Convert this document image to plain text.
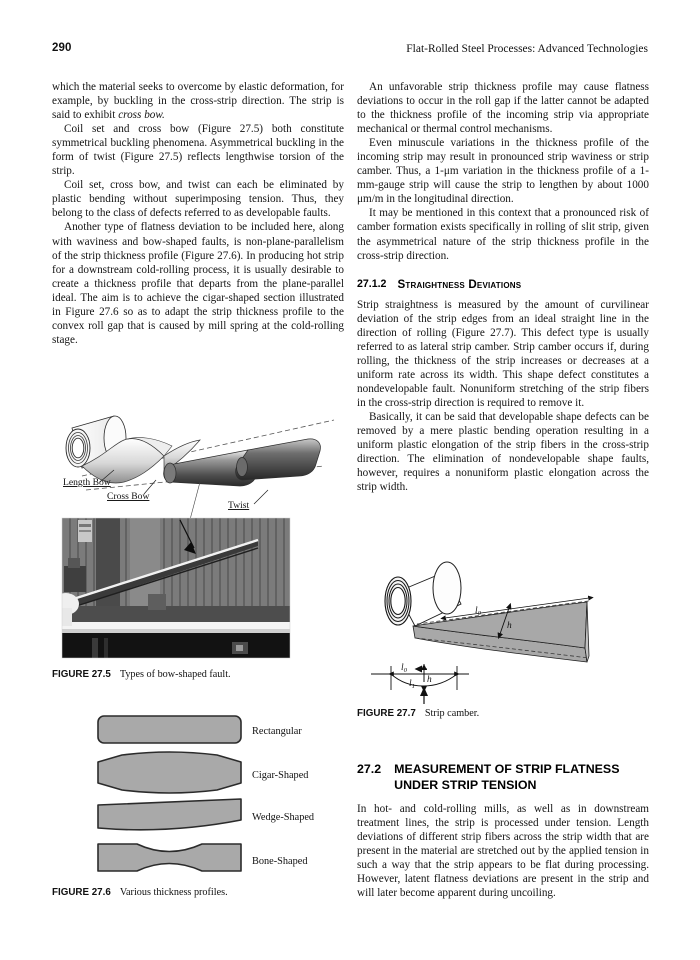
290	Flat-Rolled Steel Processes: Advanced Technologies

which the material seeks to overcome by elastic deformation, for example, by buckling in the cross-strip direction. The strip is said to exhibit cross bow.

Coil set and cross bow (Figure 27.5) both constitute symmetrical buckling phenomena. Asymmetrical buckling in the form of twist (Figure 27.5) reflects lengthwise torsion of the strip.

Coil set, cross bow, and twist can each be eliminated by plastic bending without superimposing tension. Thus, they belong to the class of defects referred to as developable faults.

Another type of flatness deviation to be included here, along with waviness and bow-shaped faults, is non-plane-parallelism of the strip thickness profile (Figure 27.6). In producing hot strip for a downstream cold-rolling process, it is usually desirable to create a thickness profile that departs from the plane-parallel ideal. The aim is to achieve the cigar-shaped section illustrated in Figure 27.6 so as to adapt the strip thickness profile to the convex roll gap that is caused by mill spring at the cold-rolling stage.

An unfavorable strip thickness profile may cause flatness deviations to occur in the roll gap if the latter cannot be adapted to the thickness profile of the incoming strip via appropriate mechanical or thermal control mechanisms.

Even minuscule variations in the thickness profile of the incoming strip may result in pronounced strip waviness or strip camber. Thus, a 1-μm variation in the thickness profile of a 1-mm-gauge strip will cause the strip to lengthen by about 1000 μm/m in the longitudinal direction.

It may be mentioned in this context that a pronounced risk of camber formation exists specifically in rolling of slit strip, given the asymmetrical nature of the strip thickness profile in the cross-strip direction.

27.1.2 Straightness Deviations

Strip straightness is measured by the amount of curvilinear deviation of the strip edges from an ideal straight line in the direction of rolling (Figure 27.7). This defect type is usually referred to as lateral strip camber. Strip camber occurs if, during rolling, the thickness of the strip increases or decreases at a uniform rate across its width. This shape defect constitutes a nondevelopable fault. Nonuniform stretching of the strip fibers in the cross-strip direction is required to remove it.

Basically, it can be said that developable shape defects can be removed by a mere plastic bending operation resulting in a uniform plastic elongation of the strip fibers in the cross-strip direction. The elimination of nondevelopable shape faults, however, requires a nonuniform plastic elongation across the strip width.

27.2 MEASUREMENT OF STRIP FLATNESS
UNDER STRIP TENSION

In hot- and cold-rolling mills, as well as in downstream treatment lines, the strip is processed under tension. Length deviations of different strip fibers across the strip width that are present in the material are stretched out by the applied tension in such a way that the strip appears to be flat during processing. However, latent flatness deviations are present in the strip and will later become apparent during uncoiling.

Length Bow
Cross Bow
Twist
FIGURE 27.5 Types of bow-shaped fault.
Rectangular
Cigar-Shaped
Wedge-Shaped
Bone-Shaped
FIGURE 27.6 Various thickness profiles.
$l_0$
h
$l_0$
$l_1$
h
FIGURE 27.7 Strip camber.
